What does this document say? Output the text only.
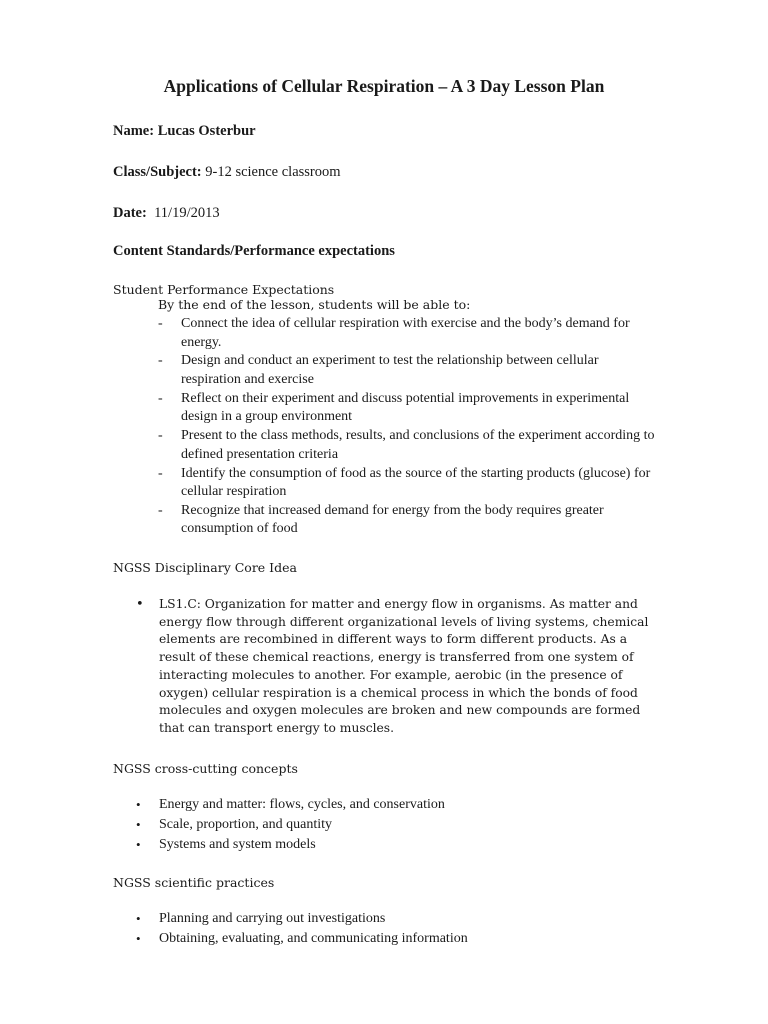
Applications of Cellular Respiration – A 3 Day Lesson Plan
Name: Lucas Osterbur
Class/Subject: 9-12 science classroom
Date:  11/19/2013
Content Standards/Performance expectations
Student Performance Expectations
By the end of the lesson, students will be able to:
- Connect the idea of cellular respiration with exercise and the body’s demand for energy.
- Design and conduct an experiment to test the relationship between cellular respiration and exercise
- Reflect on their experiment and discuss potential improvements in experimental design in a group environment
- Present to the class methods, results, and conclusions of the experiment according to defined presentation criteria
- Identify the consumption of food as the source of the starting products (glucose) for cellular respiration
- Recognize that increased demand for energy from the body requires greater consumption of food
NGSS Disciplinary Core Idea
• LS1.C: Organization for matter and energy flow in organisms. As matter and energy flow through different organizational levels of living systems, chemical elements are recombined in different ways to form different products. As a result of these chemical reactions, energy is transferred from one system of interacting molecules to another. For example, aerobic (in the presence of oxygen) cellular respiration is a chemical process in which the bonds of food molecules and oxygen molecules are broken and new compounds are formed that can transport energy to muscles.
NGSS cross-cutting concepts
• Energy and matter: flows, cycles, and conservation
• Scale, proportion, and quantity
• Systems and system models
NGSS scientific practices
• Planning and carrying out investigations
• Obtaining, evaluating, and communicating information
